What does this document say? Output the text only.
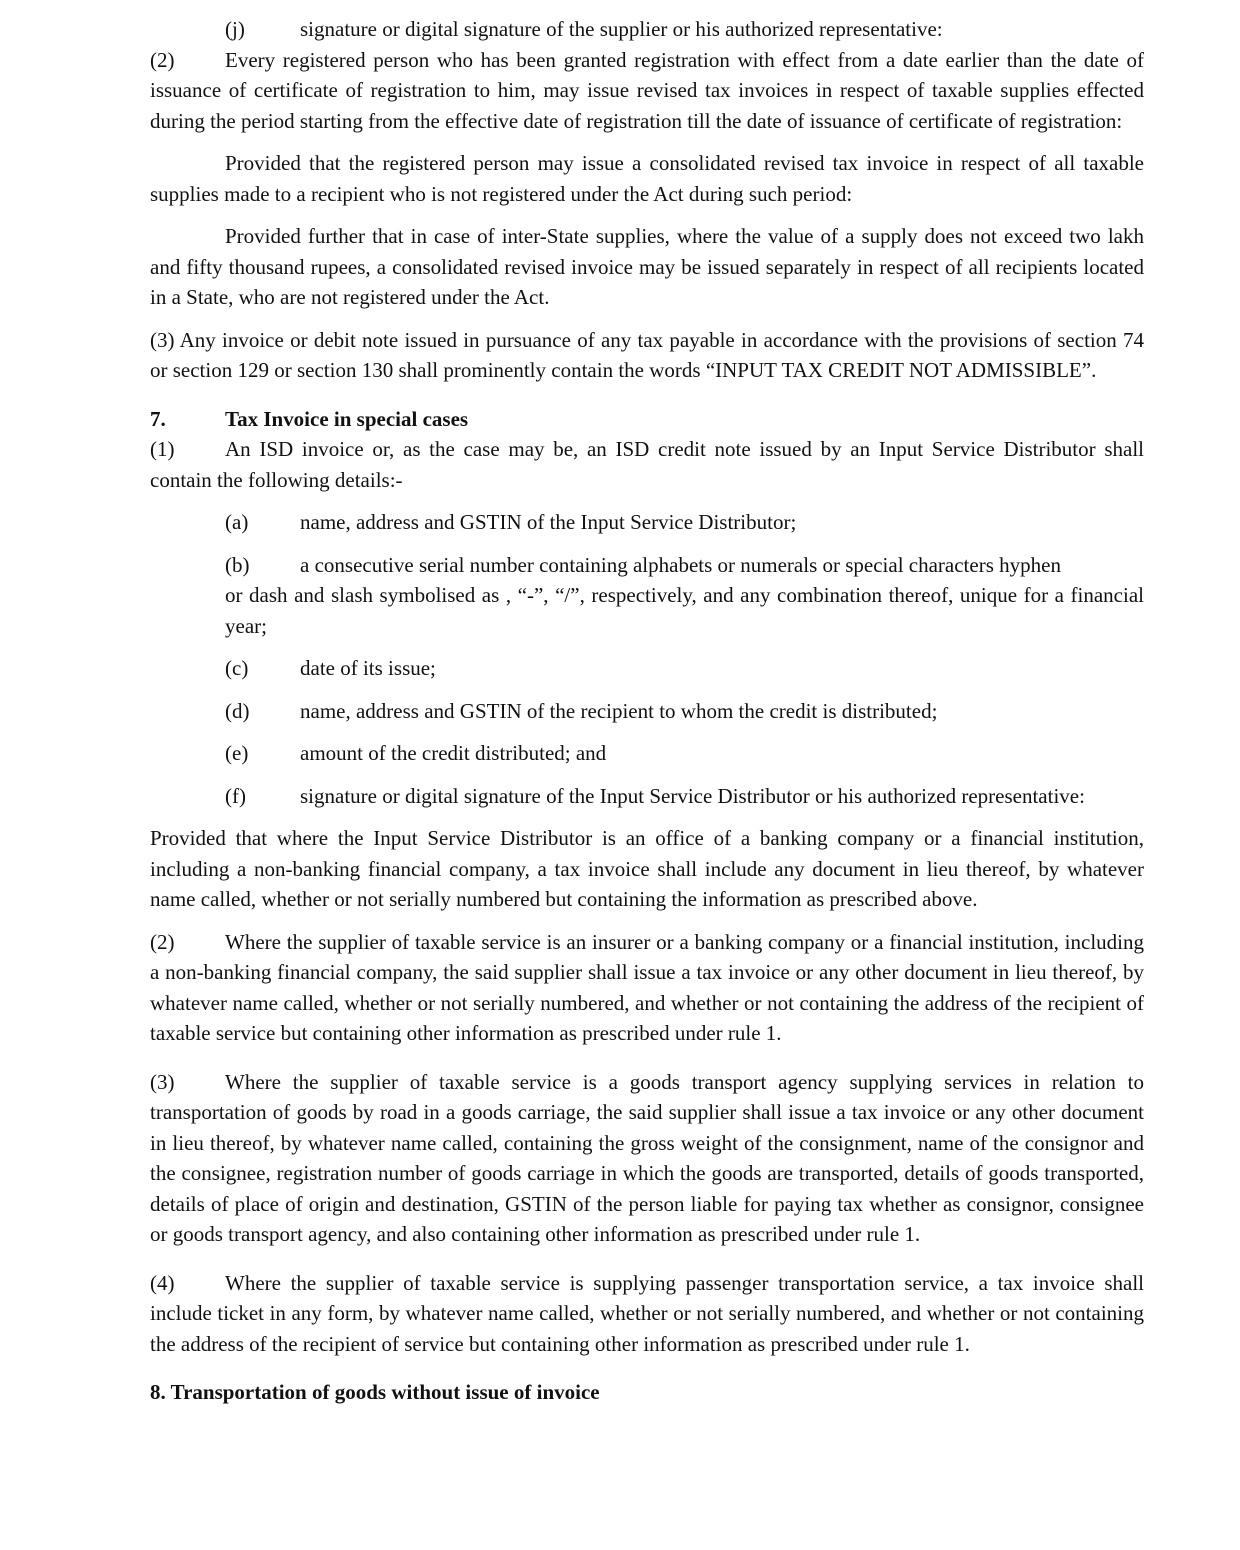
(j)	signature or digital signature of the supplier or his authorized representative:

(2) Every registered person who has been granted registration with effect from a date earlier than the date of issuance of certificate of registration to him, may issue revised tax invoices in respect of taxable supplies effected during the period starting from the effective date of registration till the date of issuance of certificate of registration:

Provided that the registered person may issue a consolidated revised tax invoice in respect of all taxable supplies made to a recipient who is not registered under the Act during such period:

Provided further that in case of inter-State supplies, where the value of a supply does not exceed two lakh and fifty thousand rupees, a consolidated revised invoice may be issued separately in respect of all recipients located in a State, who are not registered under the Act.

(3) Any invoice or debit note issued in pursuance of any tax payable in accordance with the provisions of section 74 or section 129 or section 130 shall prominently contain the words “INPUT TAX CREDIT NOT ADMISSIBLE”.

7.	Tax Invoice in special cases

(1) An ISD invoice or, as the case may be, an ISD credit note issued by an Input Service Distributor shall contain the following details:-

(a)	name, address and GSTIN of the Input Service Distributor;
(b)	a consecutive serial number containing alphabets or numerals or special characters hyphen
or dash and slash symbolised as , “-”, “/”, respectively, and any combination thereof, unique for a financial year;
(c)	date of its issue;
(d)	name, address and GSTIN of the recipient to whom the credit is distributed;
(e)	amount of the credit distributed; and
(f)	signature or digital signature of the Input Service Distributor or his authorized representative:

Provided that where the Input Service Distributor is an office of a banking company or a financial institution, including a non-banking financial company, a tax invoice shall include any document in lieu thereof, by whatever name called, whether or not serially numbered but containing the information as prescribed above.

(2) Where the supplier of taxable service is an insurer or a banking company or a financial institution, including a non-banking financial company, the said supplier shall issue a tax invoice or any other document in lieu thereof, by whatever name called, whether or not serially numbered, and whether or not containing the address of the recipient of taxable service but containing other information as prescribed under rule 1.

(3) Where the supplier of taxable service is a goods transport agency supplying services in relation to transportation of goods by road in a goods carriage, the said supplier shall issue a tax invoice or any other document in lieu thereof, by whatever name called, containing the gross weight of the consignment, name of the consignor and the consignee, registration number of goods carriage in which the goods are transported, details of goods transported, details of place of origin and destination, GSTIN of the person liable for paying tax whether as consignor, consignee or goods transport agency, and also containing other information as prescribed under rule 1.

(4) Where the supplier of taxable service is supplying passenger transportation service, a tax invoice shall include ticket in any form, by whatever name called, whether or not serially numbered, and whether or not containing the address of the recipient of service but containing other information as prescribed under rule 1.

8. Transportation of goods without issue of invoice
